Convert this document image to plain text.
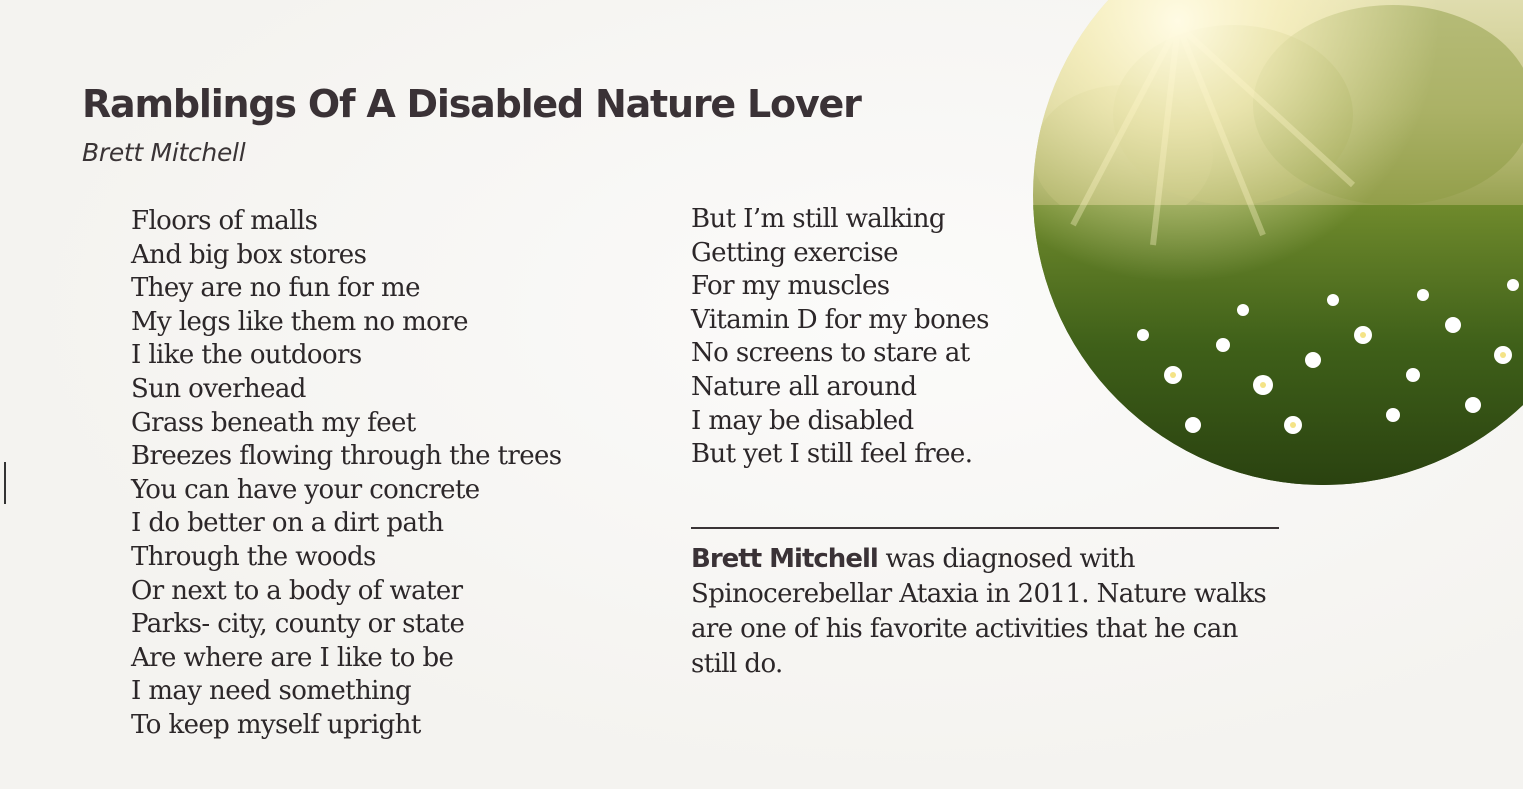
Ramblings Of A Disabled Nature Lover
Brett Mitchell
Floors of malls
And big box stores
They are no fun for me
My legs like them no more
I like the outdoors
Sun overhead
Grass beneath my feet
Breezes flowing through the trees
You can have your concrete
I do better on a dirt path
Through the woods
Or next to a body of water
Parks- city, county or state
Are where are I like to be
I may need something
To keep myself upright
But I’m still walking
Getting exercise
For my muscles
Vitamin D for my bones
No screens to stare at
Nature all around
I may be disabled
But yet I still feel free.

Brett Mitchell was diagnosed with Spinocerebellar Ataxia in 2011. Nature walks are one of his favorite activities that he can still do.
